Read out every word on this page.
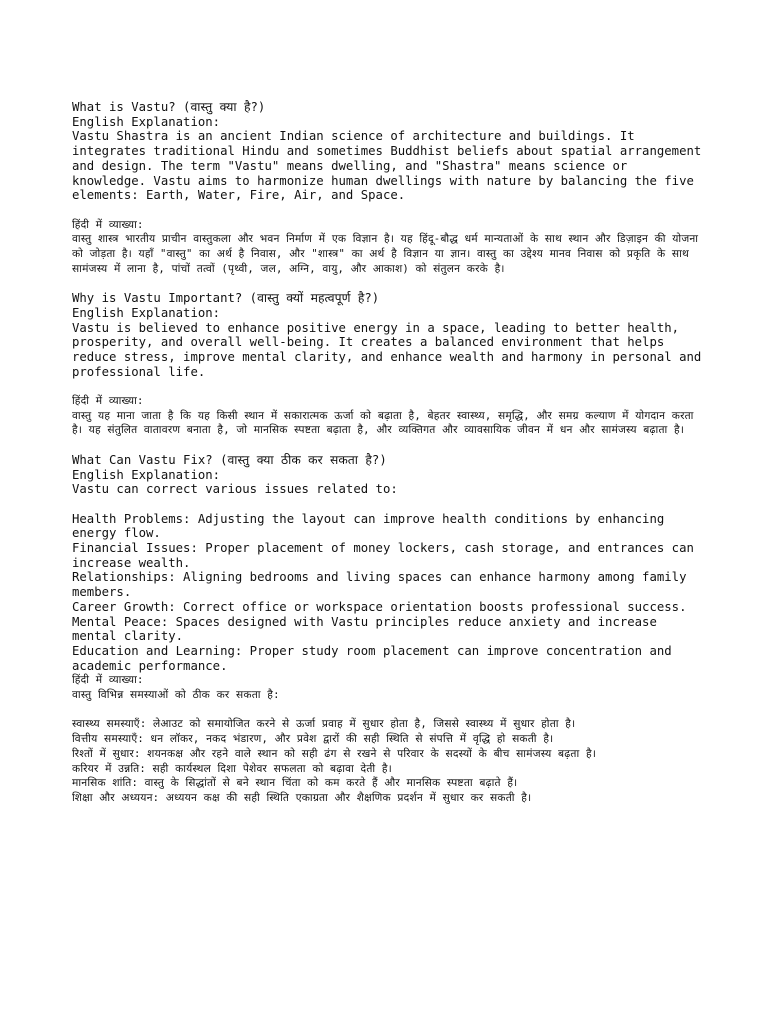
What is Vastu? (वास्तु क्या है?)
English Explanation:
Vastu Shastra is an ancient Indian science of architecture and buildings. It integrates traditional Hindu and sometimes Buddhist beliefs about spatial arrangement and design. The term "Vastu" means dwelling, and "Shastra" means science or knowledge. Vastu aims to harmonize human dwellings with nature by balancing the five elements: Earth, Water, Fire, Air, and Space.
हिंदी में व्याख्या:
वास्तु शास्त्र भारतीय प्राचीन वास्तुकला और भवन निर्माण में एक विज्ञान है। यह हिंदू-बौद्ध धर्म मान्यताओं के साथ स्थान और डिज़ाइन की योजना को जोड़ता है। यहाँ "वास्तु" का अर्थ है निवास, और "शास्त्र" का अर्थ है विज्ञान या ज्ञान। वास्तु का उद्देश्य मानव निवास को प्रकृति के साथ सामंजस्य में लाना है, पांचों तत्वों (पृथ्वी, जल, अग्नि, वायु, और आकाश) को संतुलन करके है।
Why is Vastu Important? (वास्तु क्यों महत्वपूर्ण है?)
English Explanation:
Vastu is believed to enhance positive energy in a space, leading to better health, prosperity, and overall well-being. It creates a balanced environment that helps reduce stress, improve mental clarity, and enhance wealth and harmony in personal and professional life.
हिंदी में व्याख्या:
वास्तु यह माना जाता है कि यह किसी स्थान में सकारात्मक ऊर्जा को बढ़ाता है, बेहतर स्वास्थ्य, समृद्धि, और समग्र कल्याण में योगदान करता है। यह संतुलित वातावरण बनाता है, जो मानसिक स्पष्टता बढ़ाता है, और व्यक्तिगत और व्यावसायिक जीवन में धन और सामंजस्य बढ़ाता है।
What Can Vastu Fix? (वास्तु क्या ठीक कर सकता है?)
English Explanation:
Vastu can correct various issues related to:
Health Problems: Adjusting the layout can improve health conditions by enhancing energy flow.
Financial Issues: Proper placement of money lockers, cash storage, and entrances can increase wealth.
Relationships: Aligning bedrooms and living spaces can enhance harmony among family members.
Career Growth: Correct office or workspace orientation boosts professional success.
Mental Peace: Spaces designed with Vastu principles reduce anxiety and increase mental clarity.
Education and Learning: Proper study room placement can improve concentration and academic performance.
हिंदी में व्याख्या:
वास्तु विभिन्न समस्याओं को ठीक कर सकता है:
स्वास्थ्य समस्याएँ: लेआउट को समायोजित करने से ऊर्जा प्रवाह में सुधार होता है, जिससे स्वास्थ्य में सुधार होता है।
वित्तीय समस्याएँ: धन लॉकर, नकद भंडारण, और प्रवेश द्वारों की सही स्थिति से संपत्ति में वृद्धि हो सकती है।
रिश्तों में सुधार: शयनकक्ष और रहने वाले स्थान को सही ढंग से रखने से परिवार के सदस्यों के बीच सामंजस्य बढ़ता है।
करियर में उन्नति: सही कार्यस्थल दिशा पेशेवर सफलता को बढ़ावा देती है।
मानसिक शांति: वास्तु के सिद्धांतों से बने स्थान चिंता को कम करते हैं और मानसिक स्पष्टता बढ़ाते हैं।
शिक्षा और अध्ययन: अध्ययन कक्ष की सही स्थिति एकाग्रता और शैक्षणिक प्रदर्शन में सुधार कर सकती है।
